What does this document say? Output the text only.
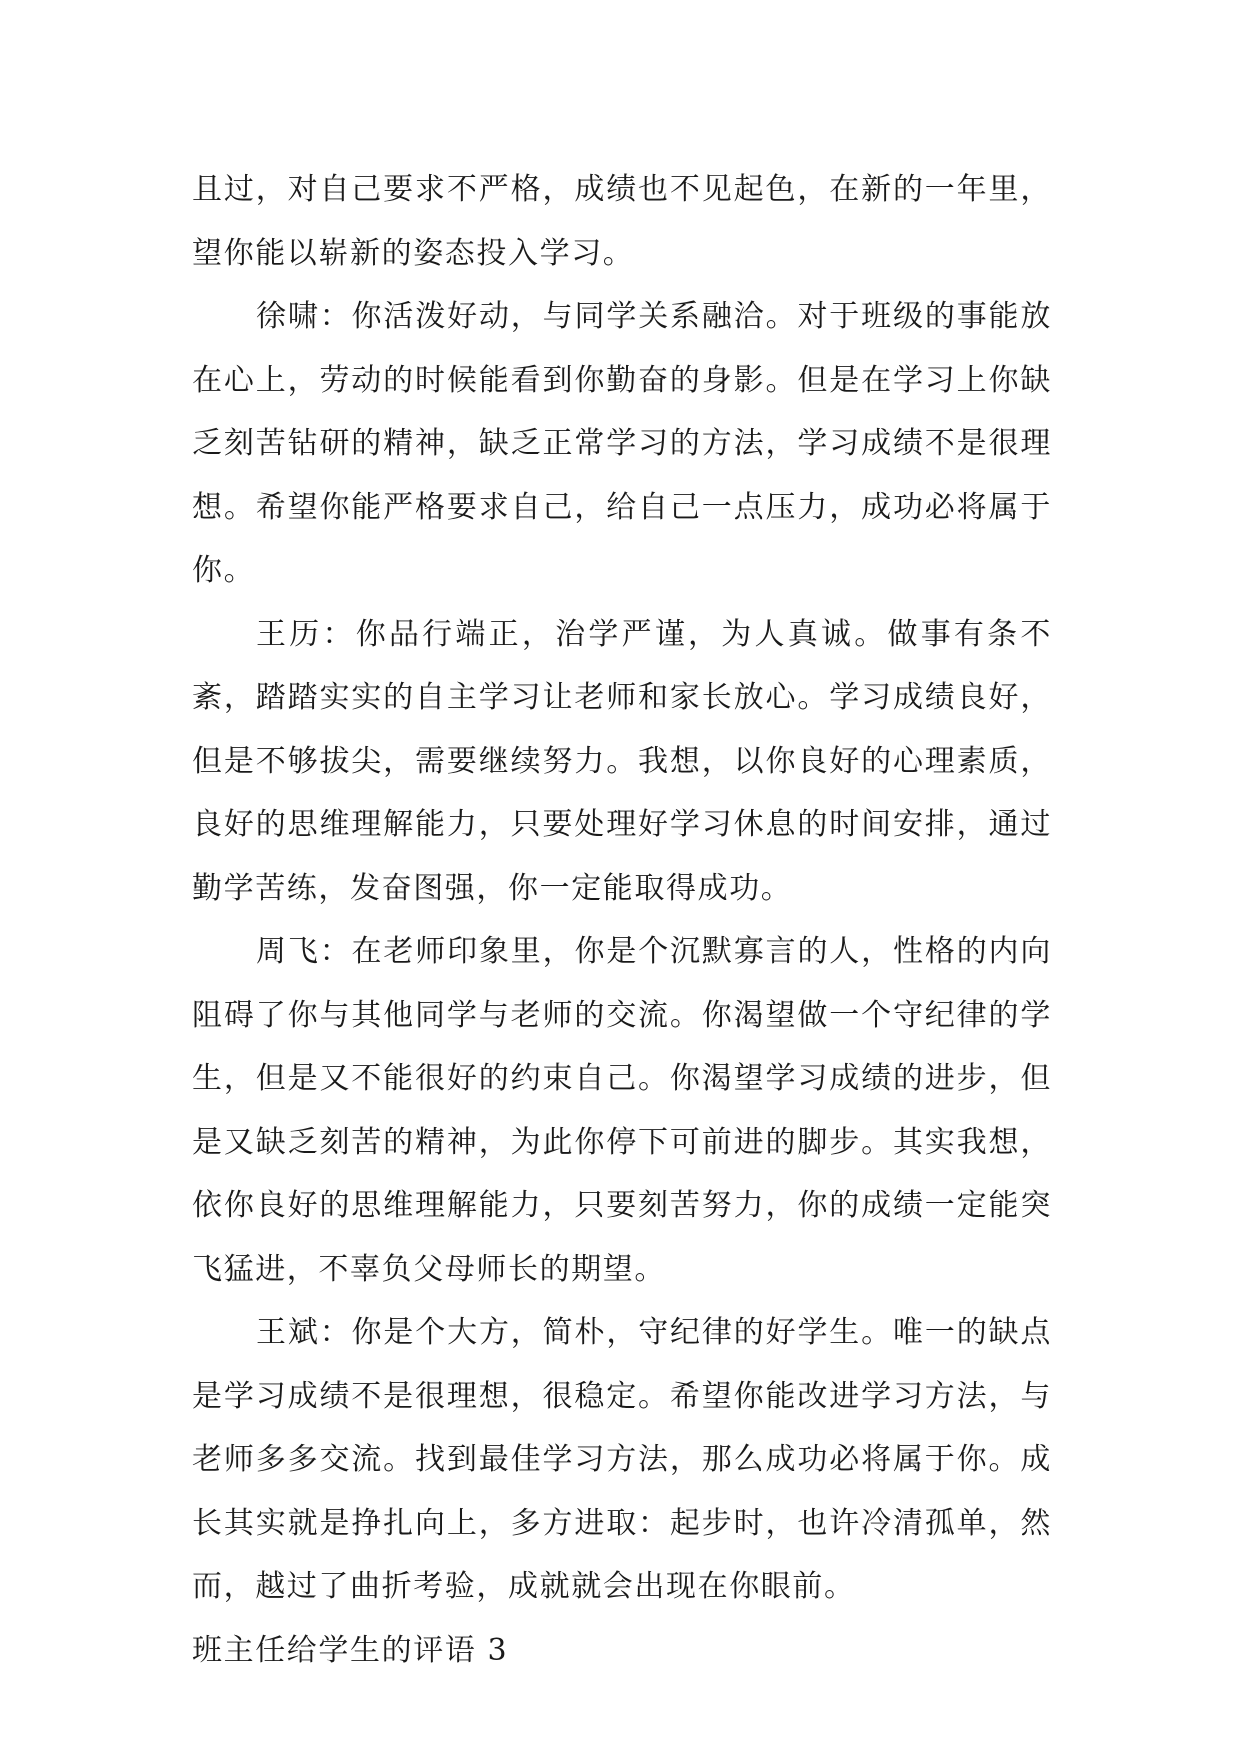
且过，对自己要求不严格，成绩也不见起色，在新的一年里，望你能以崭新的姿态投入学习。

徐啸：你活泼好动，与同学关系融洽。对于班级的事能放在心上，劳动的时候能看到你勤奋的身影。但是在学习上你缺乏刻苦钻研的精神，缺乏正常学习的方法，学习成绩不是很理想。希望你能严格要求自己，给自己一点压力，成功必将属于你。

王历：你品行端正，治学严谨，为人真诚。做事有条不紊，踏踏实实的自主学习让老师和家长放心。学习成绩良好，但是不够拔尖，需要继续努力。我想，以你良好的心理素质，良好的思维理解能力，只要处理好学习休息的时间安排，通过勤学苦练，发奋图强，你一定能取得成功。

周飞：在老师印象里，你是个沉默寡言的人，性格的内向阻碍了你与其他同学与老师的交流。你渴望做一个守纪律的学生，但是又不能很好的约束自己。你渴望学习成绩的进步，但是又缺乏刻苦的精神，为此你停下可前进的脚步。其实我想，依你良好的思维理解能力，只要刻苦努力，你的成绩一定能突飞猛进，不辜负父母师长的期望。

王斌：你是个大方，简朴，守纪律的好学生。唯一的缺点是学习成绩不是很理想，很稳定。希望你能改进学习方法，与老师多多交流。找到最佳学习方法，那么成功必将属于你。成长其实就是挣扎向上，多方进取：起步时，也许冷清孤单，然而，越过了曲折考验，成就就会出现在你眼前。

班主任给学生的评语 3
